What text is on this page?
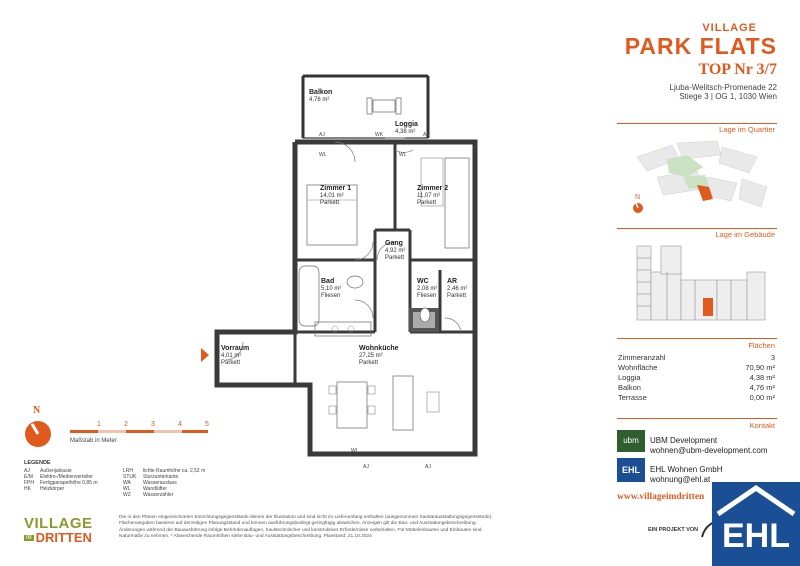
VILLAGE
PARK FLATS
TOP Nr 3/7
Ljuba-Welitsch-Promenade 22
Stiege 3 | OG 1, 1030 Wien
Lage im Quartier
N
Lage im Gebäude
Flächen
Zimmeranzahl	3
Wohnfläche	70,90 m²
Loggia	4,38 m²
Balkon	4,76 m²
Terrasse	0,00 m²
Kontakt
ubm	UBM Development
wohnen@ubm-development.com
EHL	EHL Wohnen GmbH
wohnung@ehl.at
www.villageimdritten
EIN PROJEKT VON EHL
AJ	WK	AJ
WL	WL
WL
AJ	AJ
Balkon
4,76 m²
Loggia
4,38 m²
Zimmer 1
14,01 m²
Parkett
Zimmer 2
11,07 m²
Parkett
Gang
4,92 m²
Parkett
Bad
5,10 m²
Fliesen
WC
2,08 m²
Fliesen
AR
2,46 m²
Parkett
Vorraum
4,01 m²
Parkett
Wohnküche
27,25 m²
Parkett
N
1	2	3	4	5
Maßstab in Meter
LEGENDE
AJ Außenjalousie
E/M Elektro-/Medienverteiler
FPH Fertigparapethöhe 0,85 m
HK Heizkörper
LRH lichte Raumhöhe ca. 2,52 m
STUK Sturzunterkante
WA Wasserauslass
WL	Wandlüfter
WZ Wasserzähler
VILLAGE
IM DRITTEN
Die in den Plänen eingezeichneten Einrichtungsgegenstände dienen der Illustration und sind nicht im Lieferumfang enthalten (ausgenommen Sanitärausstattungsgegenstände). Flächenangaben basieren auf derzeitigen Planungsstand und können ausführungsbedingt geringfügig abweichen. Anzeigen gilt die Bau- und Ausstattungsbeschreibung. Änderungen während der Bauausführung infolge Behördenauflagen, haustechnischer und konstruktiver Erfordernisse vorbehalten. Für Möbelenbauten und Einbauten sind Naturmaße zu nehmen. * Abweichende Raumhöhen siehe Bau- und Ausstattungsbeschreibung. Planstand: 21.10.2024
